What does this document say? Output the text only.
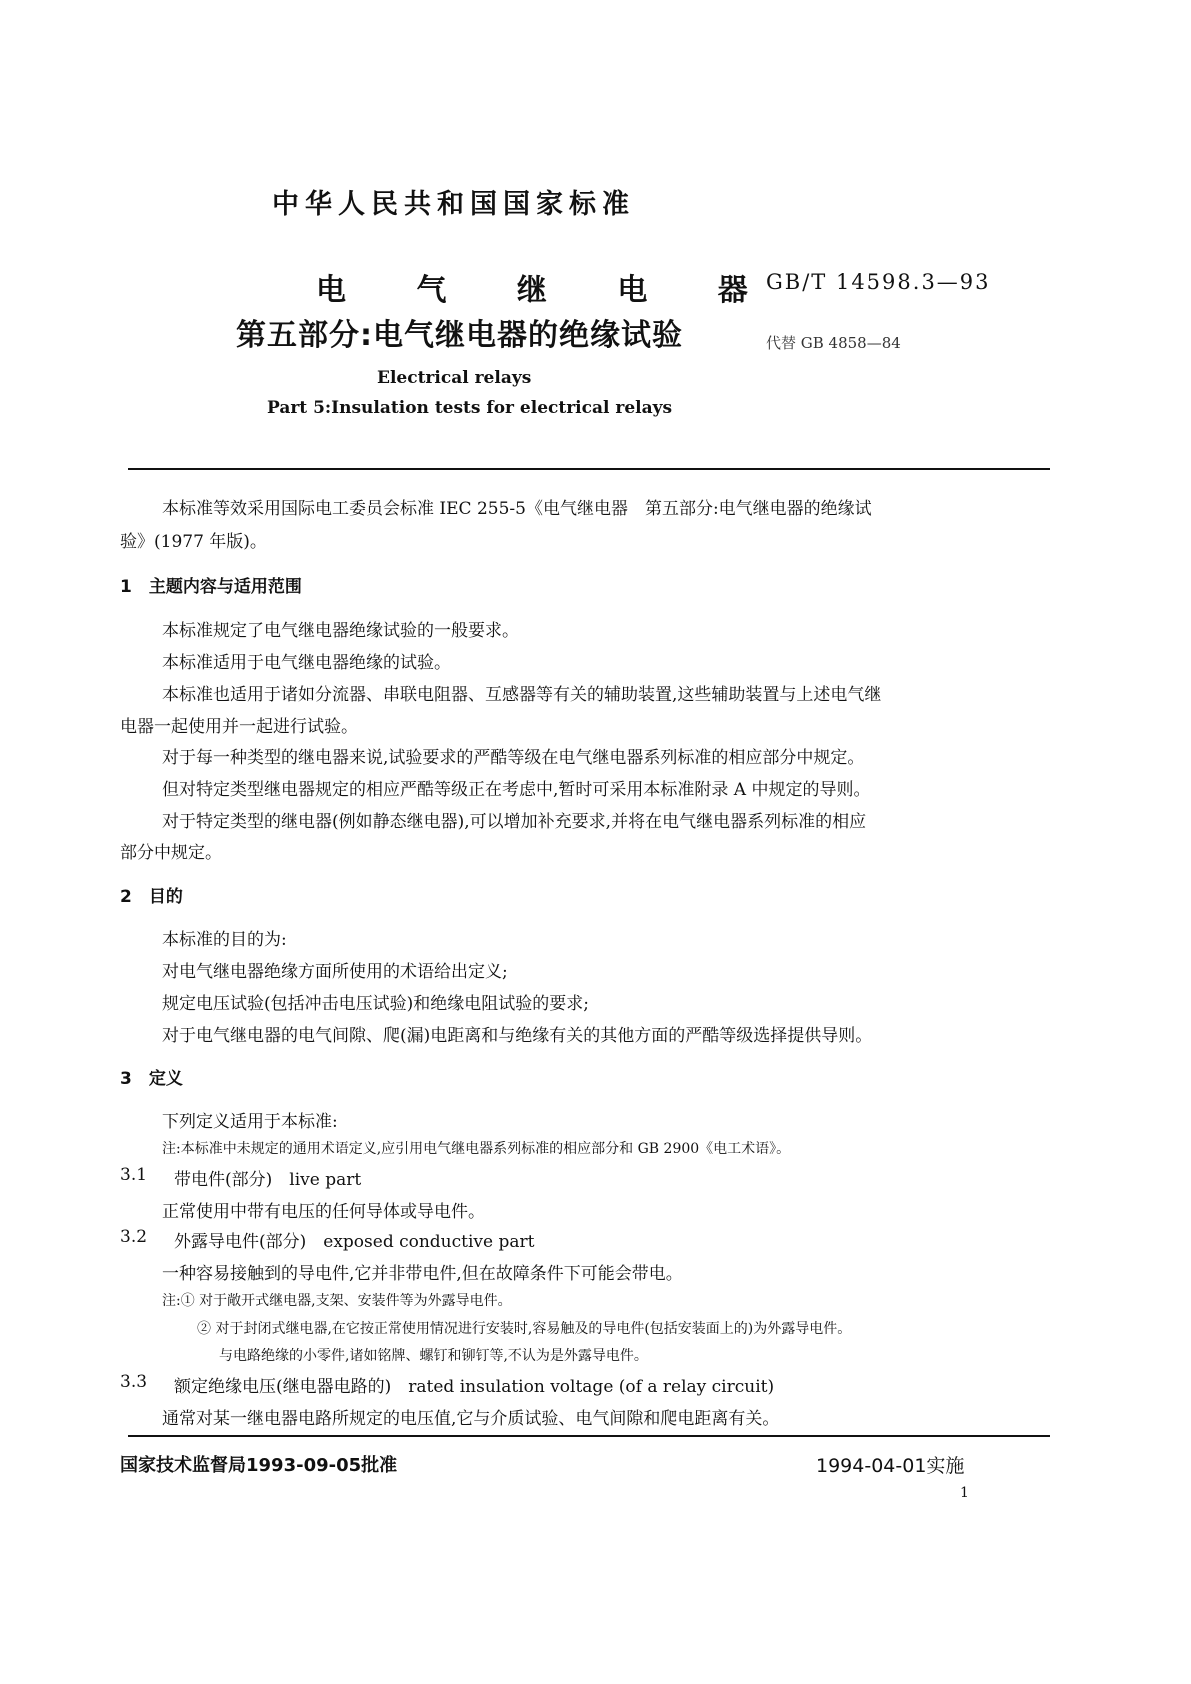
中华人民共和国国家标准
电 气 继 电 器
第五部分:电气继电器的绝缘试验
GB/T 14598.3—93
代替 GB 4858—84
Electrical relays
Part 5:Insulation tests for electrical relays
本标准等效采用国际电工委员会标准 IEC 255-5《电气继电器　第五部分:电气继电器的绝缘试
验》(1977 年版)。
1　主题内容与适用范围
本标准规定了电气继电器绝缘试验的一般要求。
本标准适用于电气继电器绝缘的试验。
本标准也适用于诸如分流器、串联电阻器、互感器等有关的辅助装置,这些辅助装置与上述电气继
电器一起使用并一起进行试验。
对于每一种类型的继电器来说,试验要求的严酷等级在电气继电器系列标准的相应部分中规定。
但对特定类型继电器规定的相应严酷等级正在考虑中,暂时可采用本标准附录 A 中规定的导则。
对于特定类型的继电器(例如静态继电器),可以增加补充要求,并将在电气继电器系列标准的相应
部分中规定。
2　目的
本标准的目的为:
对电气继电器绝缘方面所使用的术语给出定义;
规定电压试验(包括冲击电压试验)和绝缘电阻试验的要求;
对于电气继电器的电气间隙、爬(漏)电距离和与绝缘有关的其他方面的严酷等级选择提供导则。
3　定义
下列定义适用于本标准:
注:本标准中未规定的通用术语定义,应引用电气继电器系列标准的相应部分和 GB 2900《电工术语》。
3.1 带电件(部分)　live part
正常使用中带有电压的任何导体或导电件。
3.2 外露导电件(部分)　exposed conductive part
一种容易接触到的导电件,它并非带电件,但在故障条件下可能会带电。
注:① 对于敞开式继电器,支架、安装件等为外露导电件。
② 对于封闭式继电器,在它按正常使用情况进行安装时,容易触及的导电件(包括安装面上的)为外露导电件。
与电路绝缘的小零件,诸如铭牌、螺钉和铆钉等,不认为是外露导电件。
3.3 额定绝缘电压(继电器电路的)　rated insulation voltage (of a relay circuit)
通常对某一继电器电路所规定的电压值,它与介质试验、电气间隙和爬电距离有关。
国家技术监督局1993-09-05批准	1994-04-01实施
1
